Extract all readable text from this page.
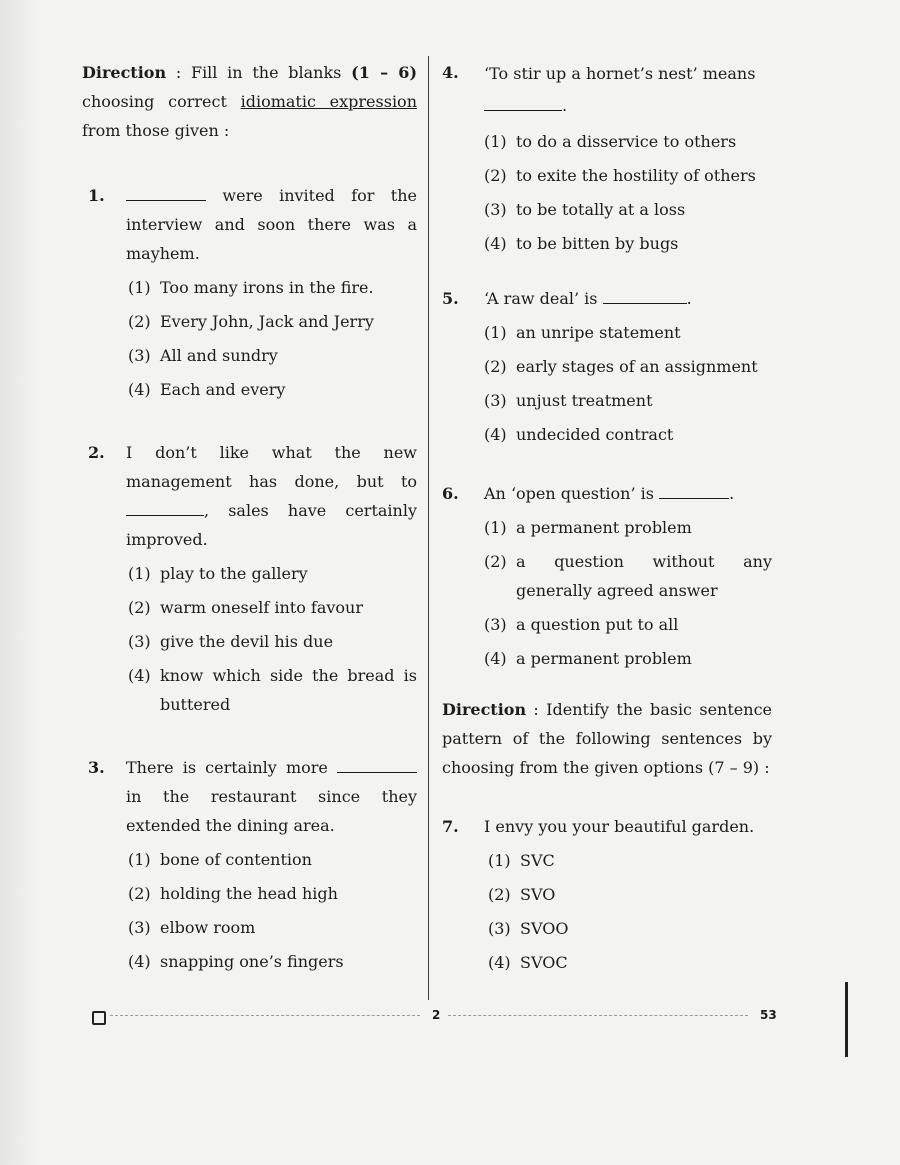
Direction : Fill in the blanks (1 – 6) choosing correct idiomatic expression from those given :
1.	were invited for the interview and soon there was a mayhem.
(1) Too many irons in the fire.
(2) Every John, Jack and Jerry
(3) All and sundry
(4) Each and every
2. I don’t like what the new management has done, but to , sales have certainly improved.
(1) play to the gallery
(2) warm oneself into favour
(3) give the devil his due
(4) know which side the bread is buttered
3. There is certainly more  in the restaurant since they extended the dining area.
(1) bone of contention
(2) holding the head high
(3) elbow room
(4) snapping one’s fingers
4. ‘To stir up a hornet’s nest’ means
.
(1) to do a disservice to others
(2) to exite the hostility of others
(3) to be totally at a loss
(4) to be bitten by bugs
5. ‘A raw deal’ is	.
(1) an unripe statement
(2) early stages of an assignment
(3) unjust treatment
(4) undecided contract
6. An ‘open question’ is	.
(1) a permanent problem
(2) a question without any generally agreed answer
(3) a question put to all
(4) a permanent problem
Direction : Identify the basic sentence pattern of the following sentences by choosing from the given options (7 – 9) :
7. I envy you your beautiful garden.
(1) SVC
(2) SVO
(3) SVOO
(4) SVOC
2	53
